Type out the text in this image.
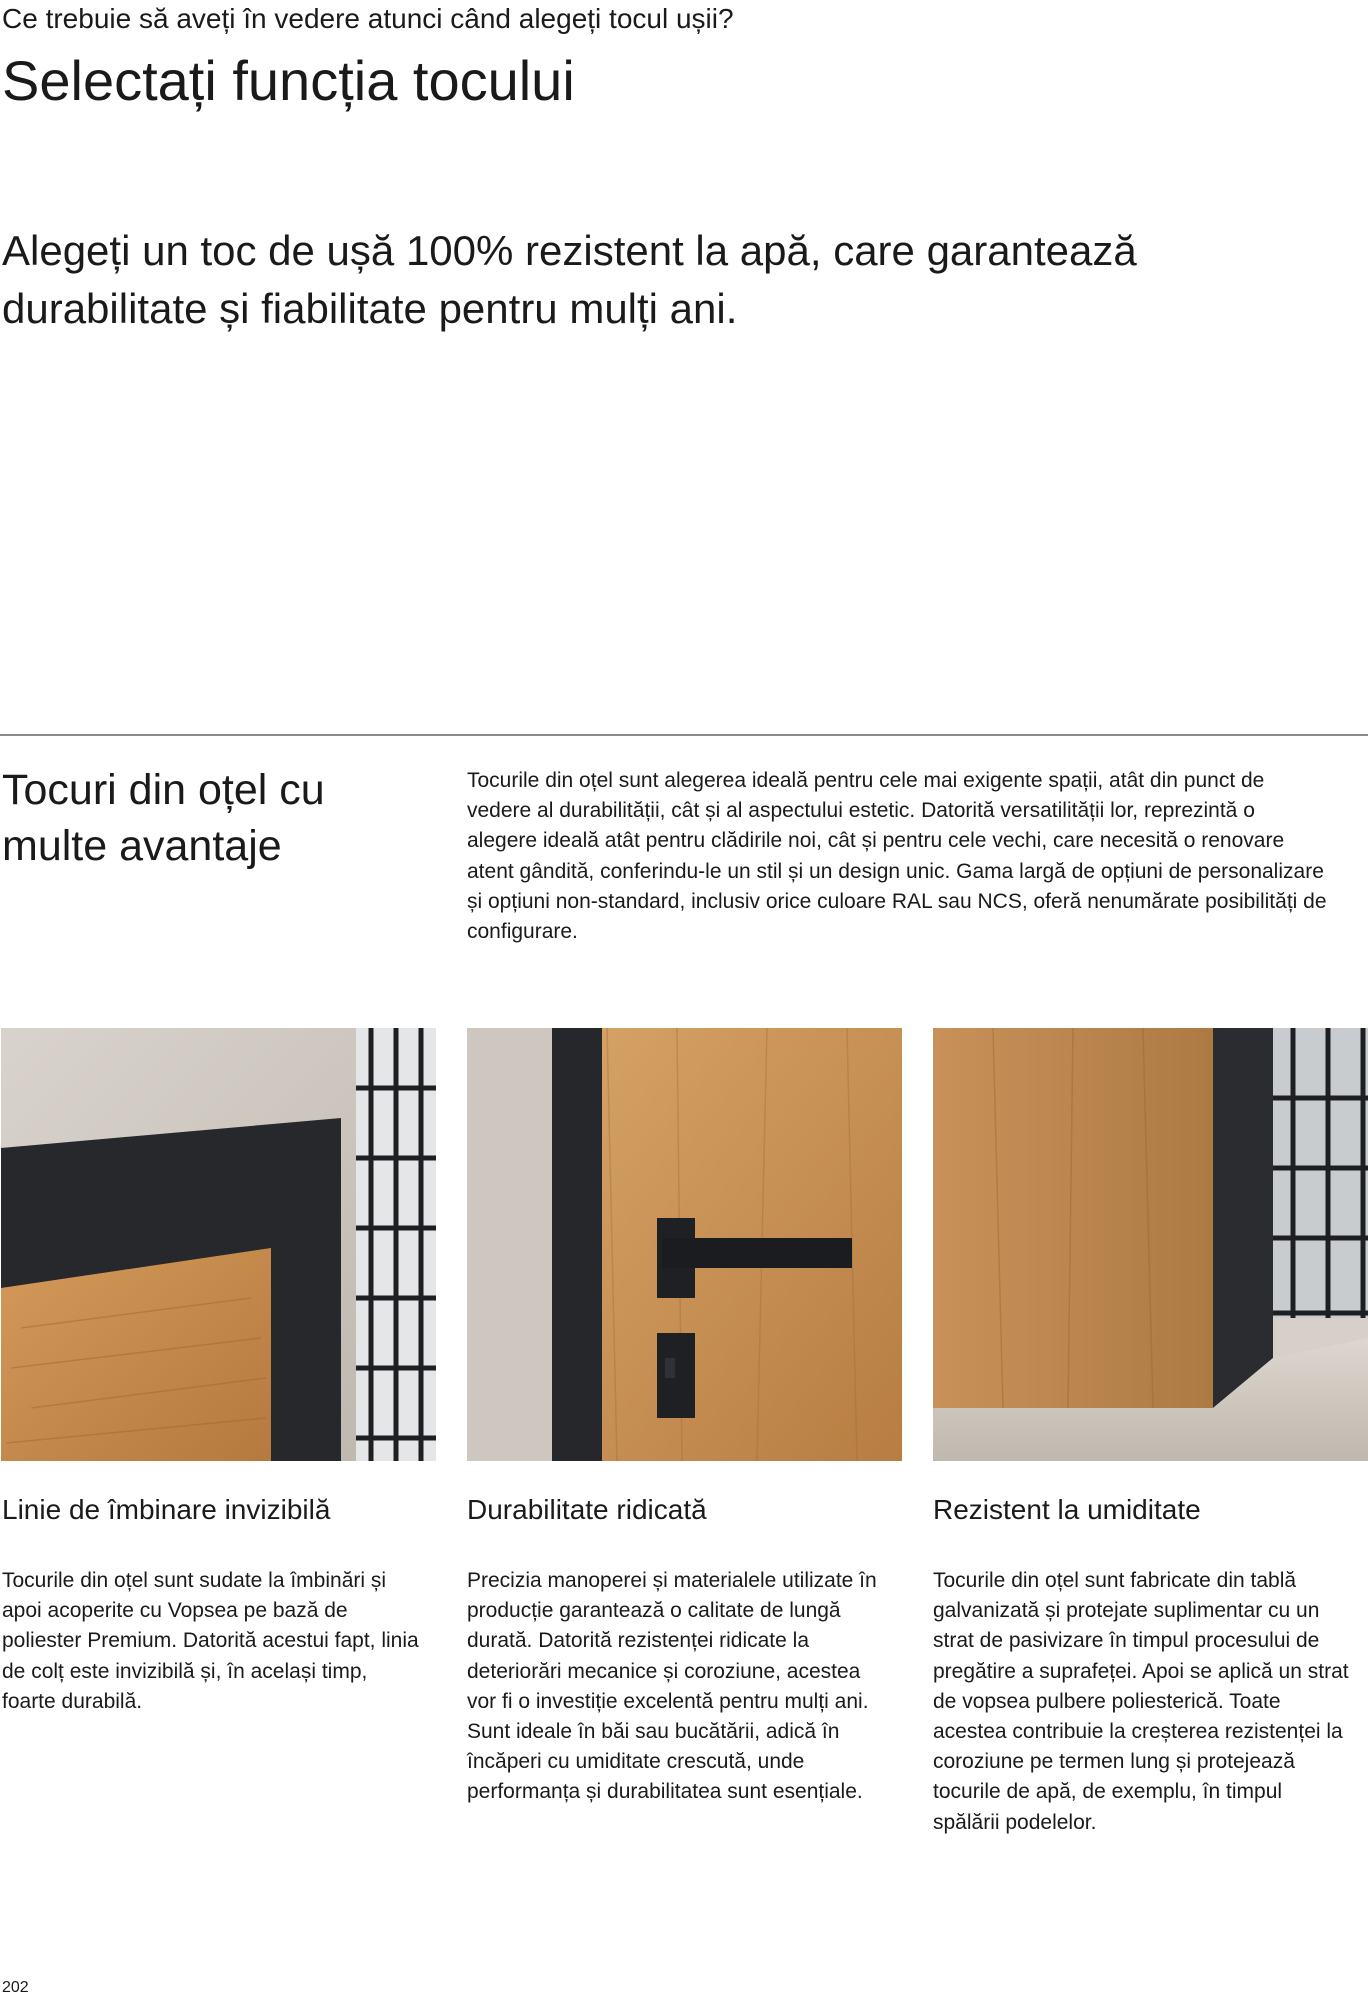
Ce trebuie să aveți în vedere atunci când alegeți tocul ușii?
Selectați funcția tocului
Alegeți un toc de ușă 100% rezistent la apă, care garantează durabilitate și fiabilitate pentru mulți ani.
Tocuri din oțel cu multe avantaje
Tocurile din oțel sunt alegerea ideală pentru cele mai exigente spații, atât din punct de vedere al durabilității, cât și al aspectului estetic. Datorită versatilității lor, reprezintă o alegere ideală atât pentru clădirile noi, cât și pentru cele vechi, care necesită o renovare atent gândită, conferindu-le un stil și un design unic. Gama largă de opțiuni de personalizare și opțiuni non-standard, inclusiv orice culoare RAL sau NCS, oferă nenumărate posibilități de configurare.
Linie de îmbinare invizibilă
Tocurile din oțel sunt sudate la îmbinări și apoi acoperite cu Vopsea pe bază de poliester Premium. Datorită acestui fapt, linia de colț este invizibilă și, în același timp, foarte durabilă.
Durabilitate ridicată
Precizia manoperei și materialele utilizate în producție garantează o calitate de lungă durată. Datorită rezistenței ridicate la deteriorări mecanice și coroziune, acestea vor fi o investiție excelentă pentru mulți ani. Sunt ideale în băi sau bucătării, adică în încăperi cu umiditate crescută, unde performanța și durabilitatea sunt esențiale.
Rezistent la umiditate
Tocurile din oțel sunt fabricate din tablă galvanizată și protejate suplimentar cu un strat de pasivizare în timpul procesului de pregătire a suprafeței. Apoi se aplică un strat de vopsea pulbere poliesterică. Toate acestea contribuie la creșterea rezistenței la coroziune pe termen lung și protejează tocurile de apă, de exemplu, în timpul spălării podelelor.
202
